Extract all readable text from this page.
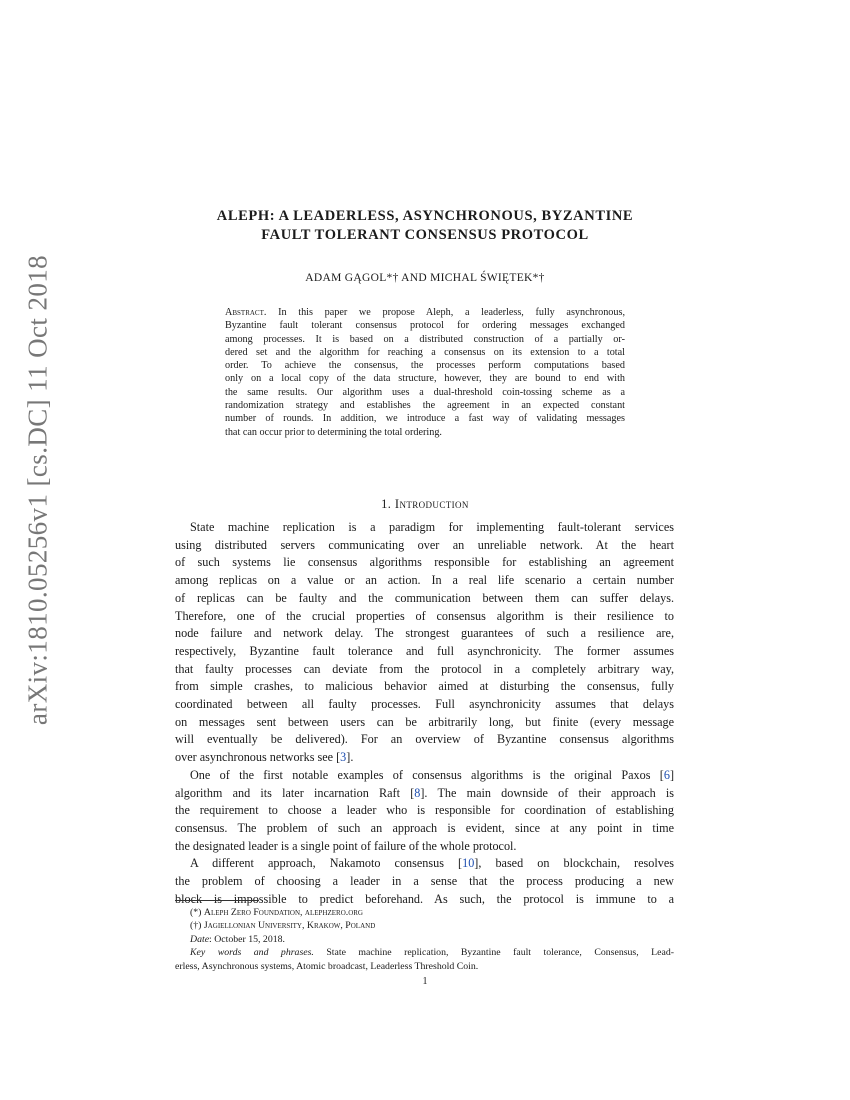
arXiv:1810.05256v1 [cs.DC] 11 Oct 2018
ALEPH: A LEADERLESS, ASYNCHRONOUS, BYZANTINE
FAULT TOLERANT CONSENSUS PROTOCOL
ADAM GĄGOL*† AND MICHAL ŚWIĘTEK*†
Abstract. In this paper we propose Aleph, a leaderless, fully asynchronous,
Byzantine fault tolerant consensus protocol for ordering messages exchanged
among processes. It is based on a distributed construction of a partially or-
dered set and the algorithm for reaching a consensus on its extension to a total
order. To achieve the consensus, the processes perform computations based
only on a local copy of the data structure, however, they are bound to end with
the same results. Our algorithm uses a dual-threshold coin-tossing scheme as a
randomization strategy and establishes the agreement in an expected constant
number of rounds. In addition, we introduce a fast way of validating messages
that can occur prior to determining the total ordering.
1. Introduction
State machine replication is a paradigm for implementing fault-tolerant services
using distributed servers communicating over an unreliable network. At the heart
of such systems lie consensus algorithms responsible for establishing an agreement
among replicas on a value or an action. In a real life scenario a certain number
of replicas can be faulty and the communication between them can suffer delays.
Therefore, one of the crucial properties of consensus algorithm is their resilience to
node failure and network delay. The strongest guarantees of such a resilience are,
respectively, Byzantine fault tolerance and full asynchronicity. The former assumes
that faulty processes can deviate from the protocol in a completely arbitrary way,
from simple crashes, to malicious behavior aimed at disturbing the consensus, fully
coordinated between all faulty processes. Full asynchronicity assumes that delays
on messages sent between users can be arbitrarily long, but finite (every message
will eventually be delivered). For an overview of Byzantine consensus algorithms
over asynchronous networks see [3].
One of the first notable examples of consensus algorithms is the original Paxos [6]
algorithm and its later incarnation Raft [8]. The main downside of their approach is
the requirement to choose a leader who is responsible for coordination of establishing
consensus. The problem of such an approach is evident, since at any point in time
the designated leader is a single point of failure of the whole protocol.
A different approach, Nakamoto consensus [10], based on blockchain, resolves
the problem of choosing a leader in a sense that the process producing a new
block is impossible to predict beforehand. As such, the protocol is immune to a
(*) Aleph Zero Foundation, alephzero.org
(†) Jagiellonian University, Krakow, Poland
Date: October 15, 2018.
Key words and phrases. State machine replication, Byzantine fault tolerance, Consensus, Lead-
erless, Asynchronous systems, Atomic broadcast, Leaderless Threshold Coin.
1
